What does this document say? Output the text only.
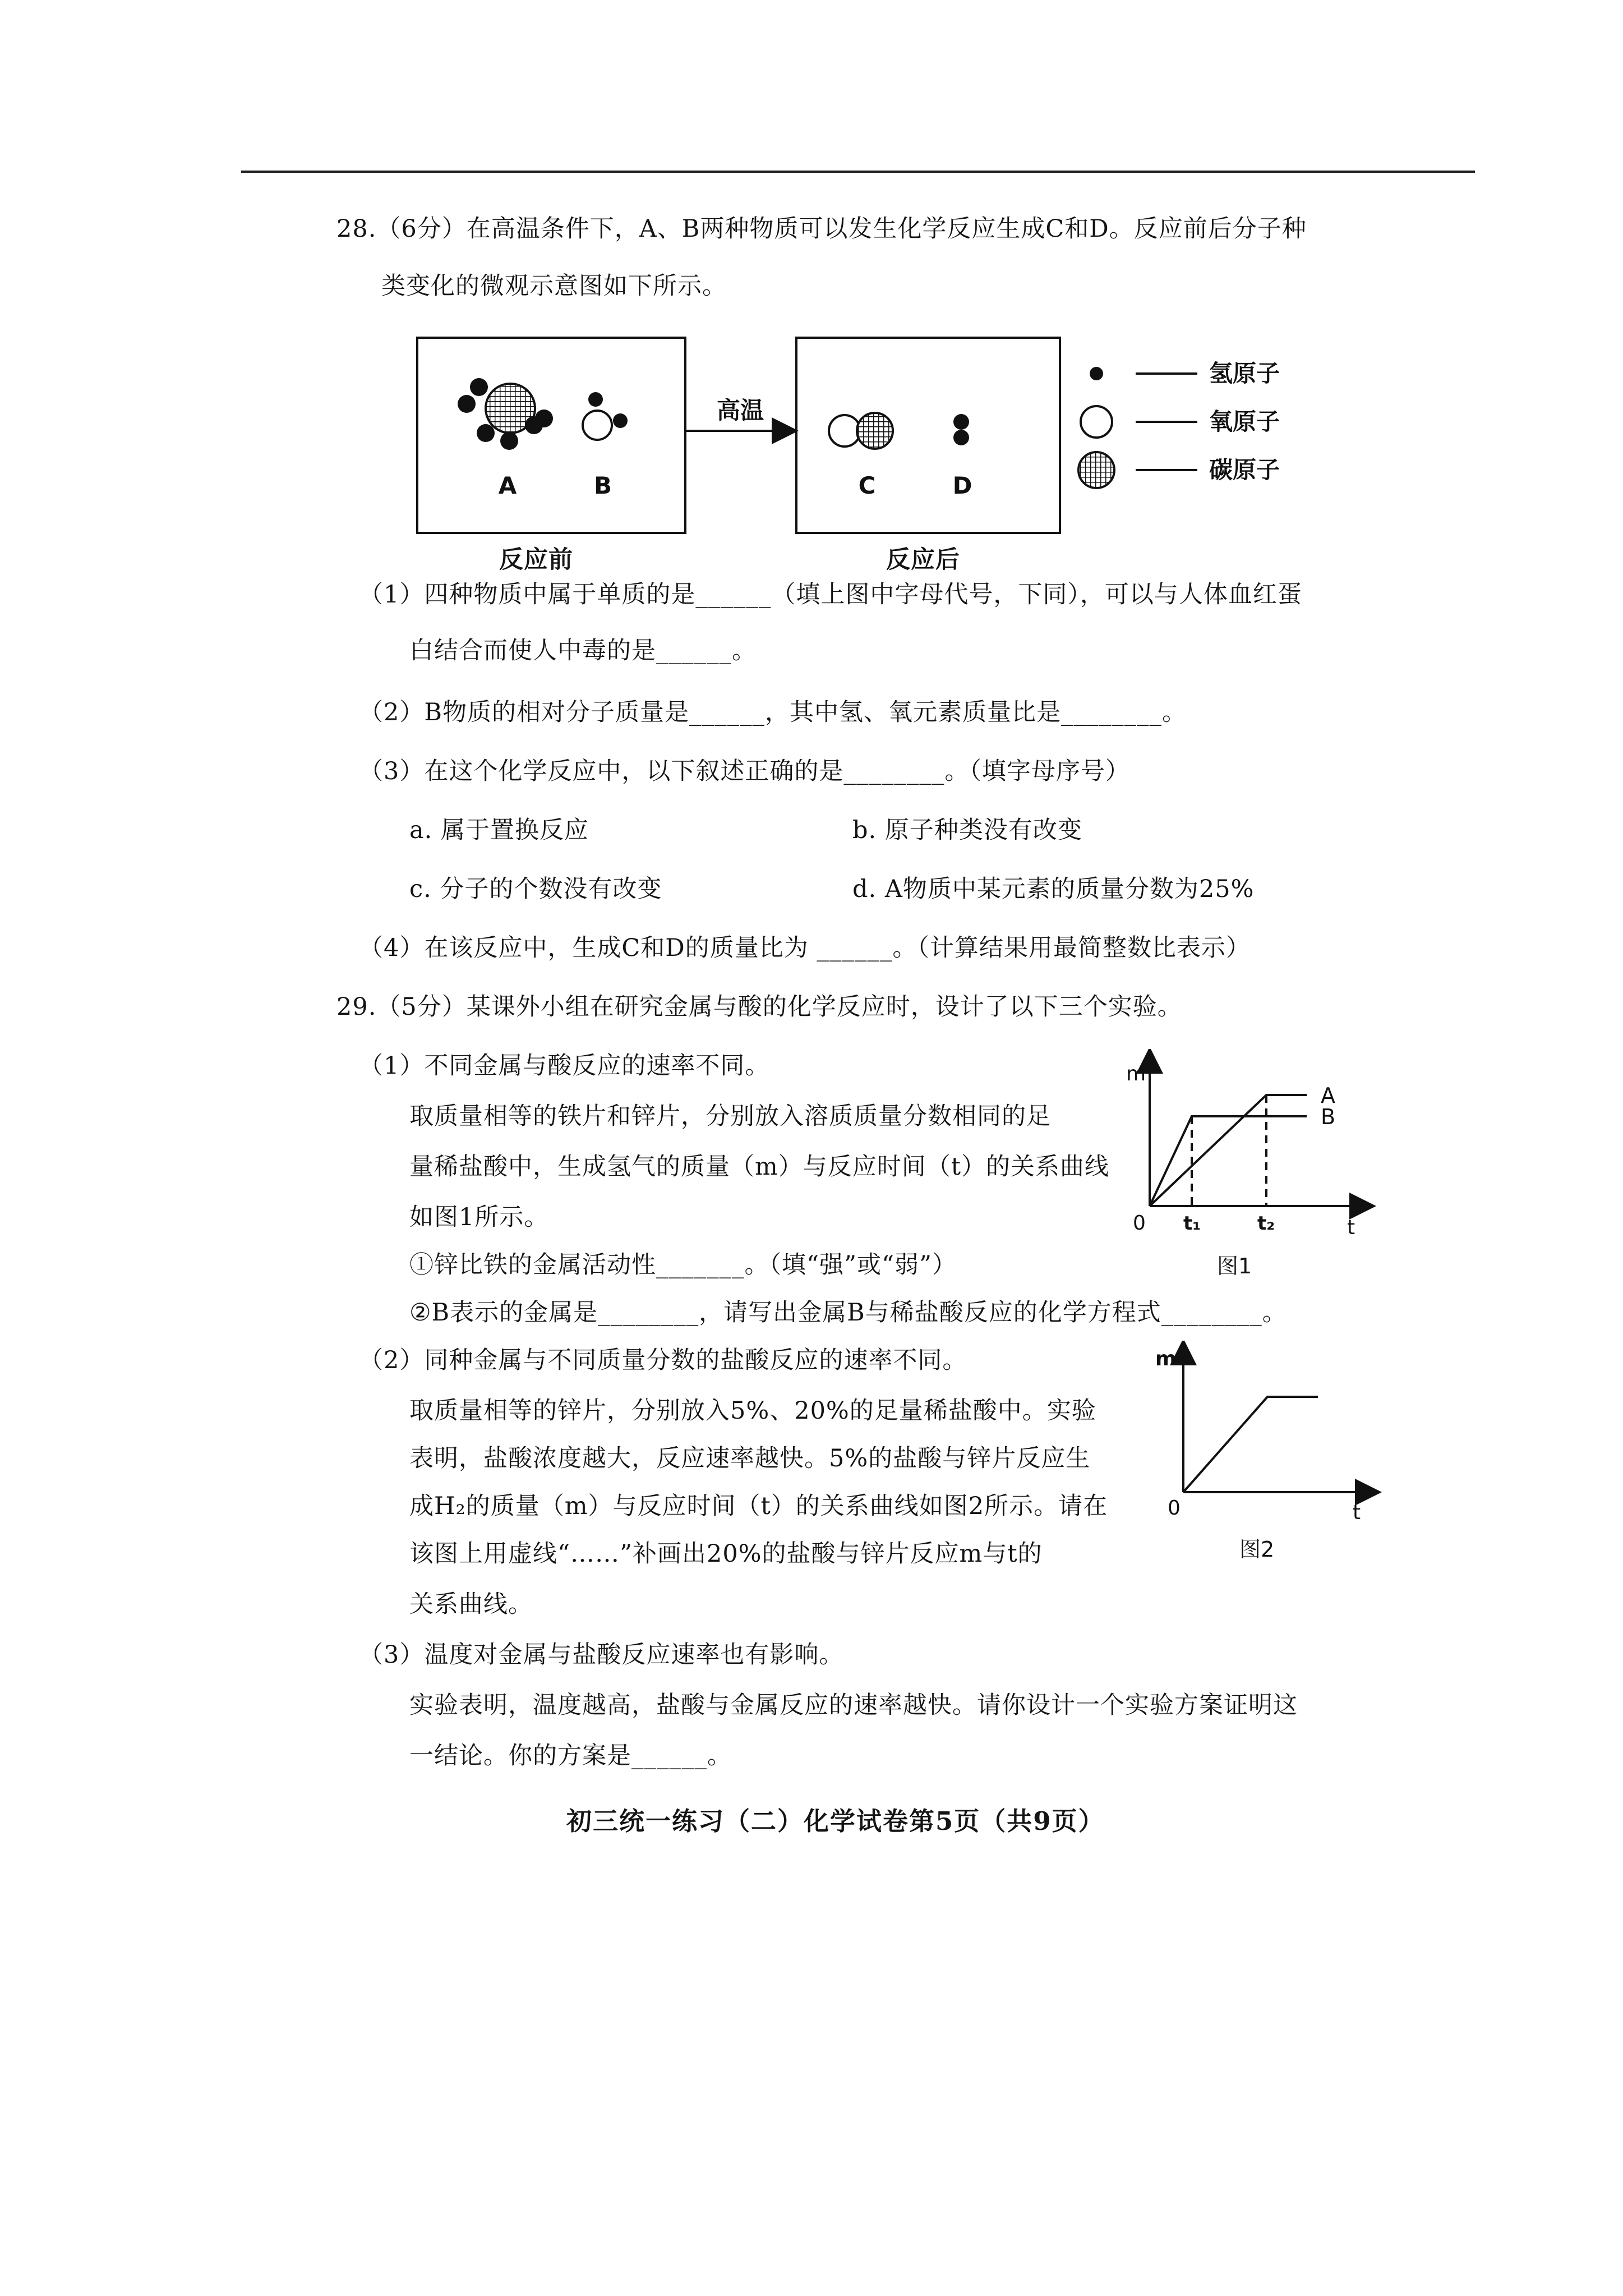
28.（6分）在高温条件下，A、B两种物质可以发生化学反应生成C和D。反应前后分子种
类变化的微观示意图如下所示。
A	B
高温
C	D
氢原子
氧原子
碳原子
反应前	反应后
（1）四种物质中属于单质的是______（填上图中字母代号，下同），可以与人体血红蛋
白结合而使人中毒的是______。
（2）B物质的相对分子质量是______，其中氢、氧元素质量比是________。
（3）在这个化学反应中，以下叙述正确的是________。（填字母序号）
a. 属于置换反应	b. 原子种类没有改变
c. 分子的个数没有改变	d. A物质中某元素的质量分数为25%
（4）在该反应中，生成C和D的质量比为 ______。（计算结果用最简整数比表示）
29.（5分）某课外小组在研究金属与酸的化学反应时，设计了以下三个实验。
（1）不同金属与酸反应的速率不同。
取质量相等的铁片和锌片，分别放入溶质质量分数相同的足
量稀盐酸中，生成氢气的质量（m）与反应时间（t）的关系曲线
如图1所示。
①锌比铁的金属活动性_______。（填“强”或“弱”）
②B表示的金属是________，请写出金属B与稀盐酸反应的化学方程式________。
m
t
0 t₁	t₂
A
B
图1
（2）同种金属与不同质量分数的盐酸反应的速率不同。
取质量相等的锌片，分别放入5%、20%的足量稀盐酸中。实验
表明，盐酸浓度越大，反应速率越快。5%的盐酸与锌片反应生
成H₂的质量（m）与反应时间（t）的关系曲线如图2所示。请在
该图上用虚线“……”补画出20%的盐酸与锌片反应m与t的
关系曲线。
m
t
0
图2
（3）温度对金属与盐酸反应速率也有影响。
实验表明，温度越高，盐酸与金属反应的速率越快。请你设计一个实验方案证明这
一结论。你的方案是______。
初三统一练习（二）化学试卷第5页（共9页）
